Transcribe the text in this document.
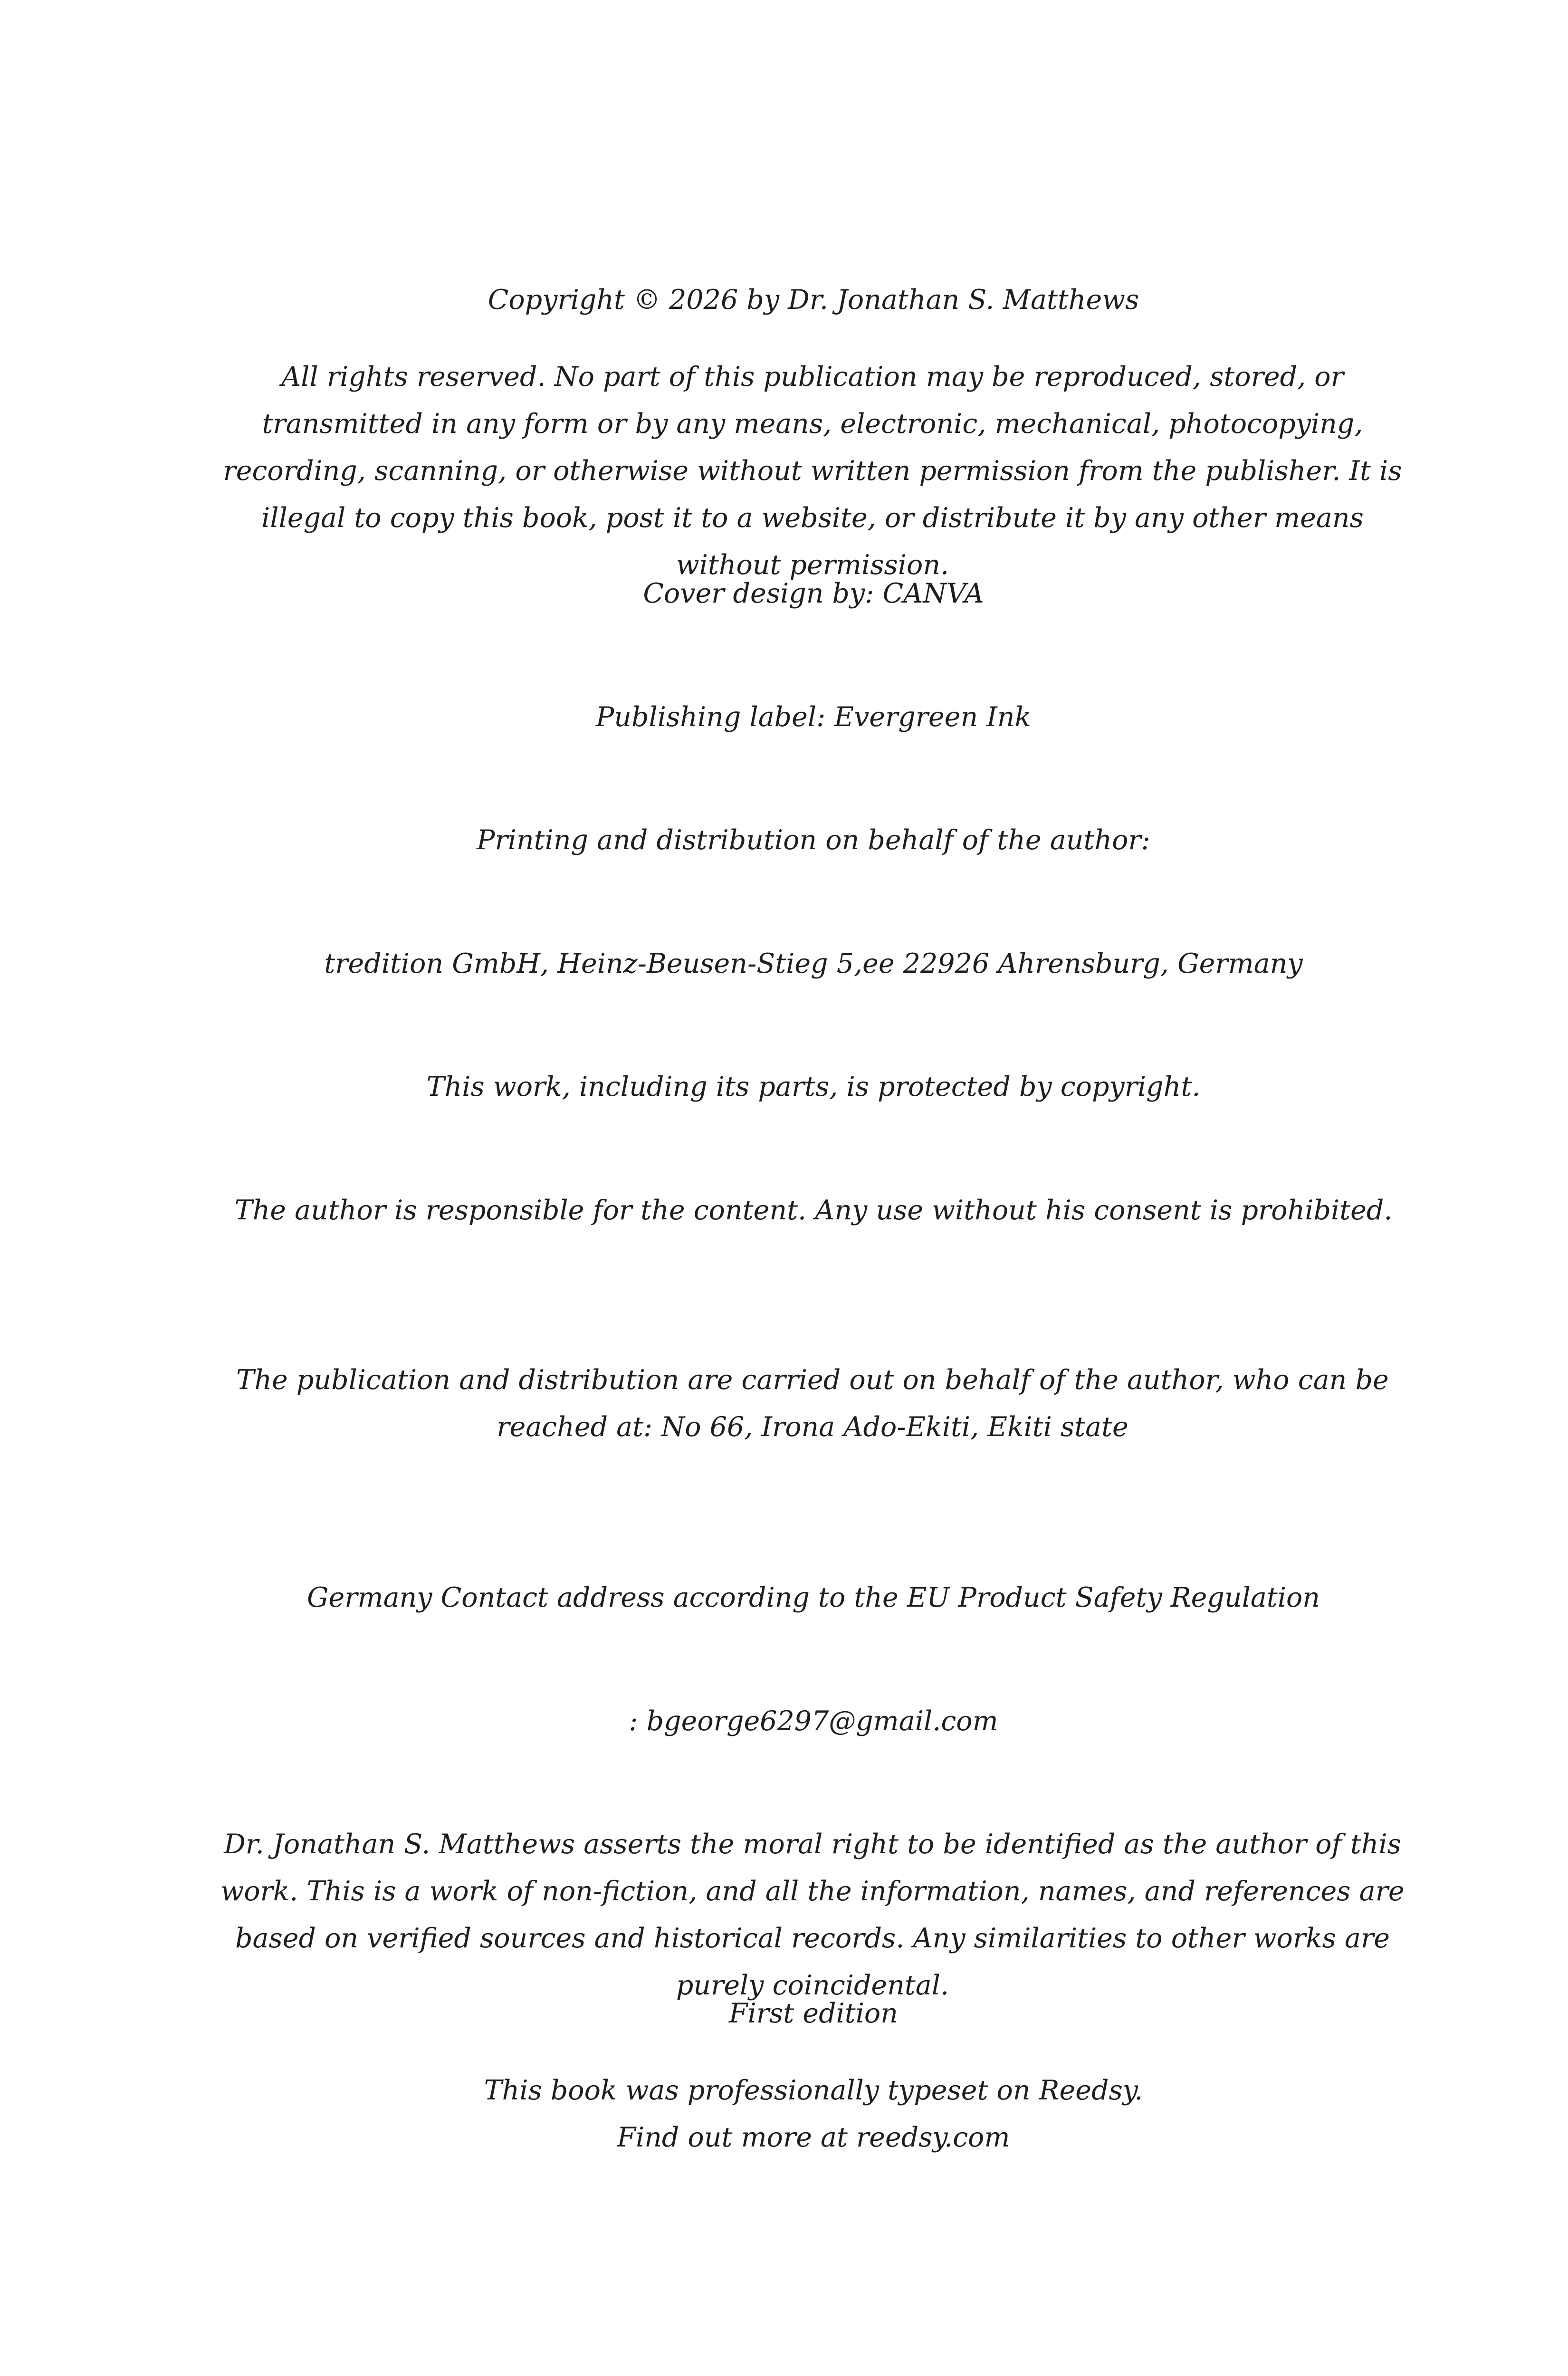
Copyright © 2026 by Dr. Jonathan S. Matthews

All rights reserved. No part of this publication may be reproduced, stored, or transmitted in any form or by any means, electronic, mechanical, photocopying, recording, scanning, or otherwise without written permission from the publisher. It is illegal to copy this book, post it to a website, or distribute it by any other means without permission.

Cover design by: CANVA

Publishing label: Evergreen Ink

Printing and distribution on behalf of the author:

tredition GmbH, Heinz-Beusen-Stieg 5,ee 22926 Ahrensburg, Germany

This work, including its parts, is protected by copyright.

The author is responsible for the content. Any use without his consent is prohibited.

The publication and distribution are carried out on behalf of the author, who can be reached at: No 66, Irona Ado-Ekiti, Ekiti state

Germany Contact address according to the EU Product Safety Regulation

: bgeorge6297@gmail.com

Dr. Jonathan S. Matthews asserts the moral right to be identified as the author of this work. This is a work of non-fiction, and all the information, names, and references are based on verified sources and historical records. Any similarities to other works are purely coincidental.

First edition

This book was professionally typeset on Reedsy.
Find out more at reedsy.com
